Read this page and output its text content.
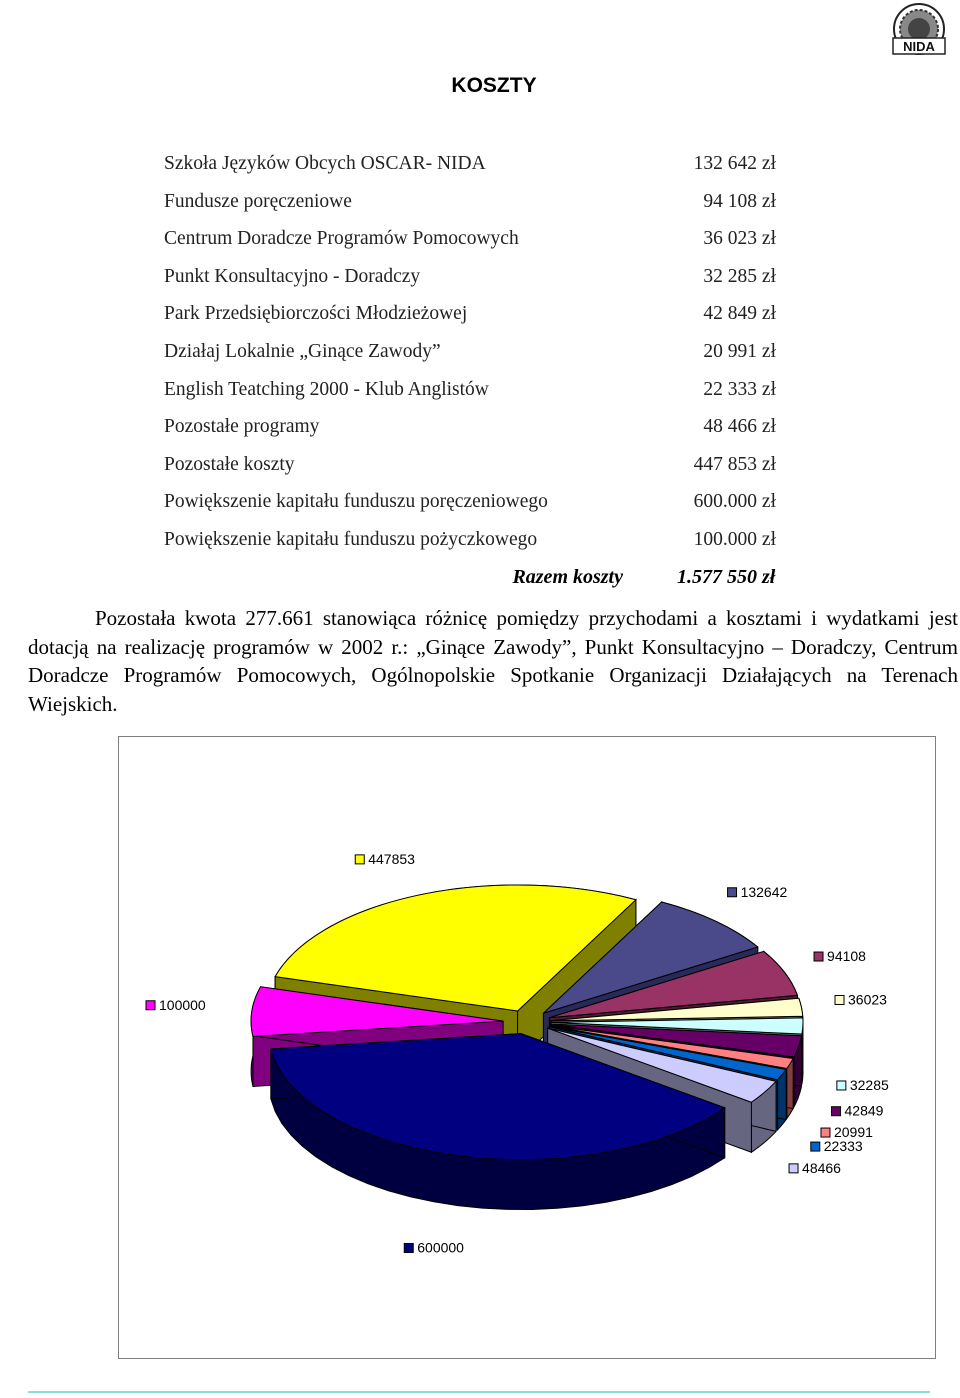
NIDA
KOSZTY
Szkoła Języków Obcych OSCAR- NIDA	132 642 zł
Fundusze poręczeniowe	94 108 zł
Centrum Doradcze Programów Pomocowych	36 023 zł
Punkt Konsultacyjno - Doradczy	32 285 zł
Park Przedsiębiorczości Młodzieżowej	42 849 zł
Działaj Lokalnie „Ginące Zawody”	20 991 zł
English Teatching 2000 - Klub Anglistów	22 333 zł
Pozostałe programy	48 466 zł
Pozostałe koszty	447 853 zł
Powiększenie kapitału funduszu poręczeniowego	600.000 zł
Powiększenie kapitału funduszu pożyczkowego	100.000 zł
Razem koszty	1.577 550 zł
Pozostała kwota 277.661 stanowiąca różnicę pomiędzy przychodami a kosztami i wydatkami jest dotacją na realizację programów w 2002 r.: „Ginące Zawody”, Punkt Konsultacyjno – Doradczy, Centrum Doradcze Programów Pomocowych, Ogólnopolskie Spotkanie Organizacji Działających na Terenach Wiejskich.
132642
94108
36023
32285
42849
20991
22333
48466
600000
100000
447853
